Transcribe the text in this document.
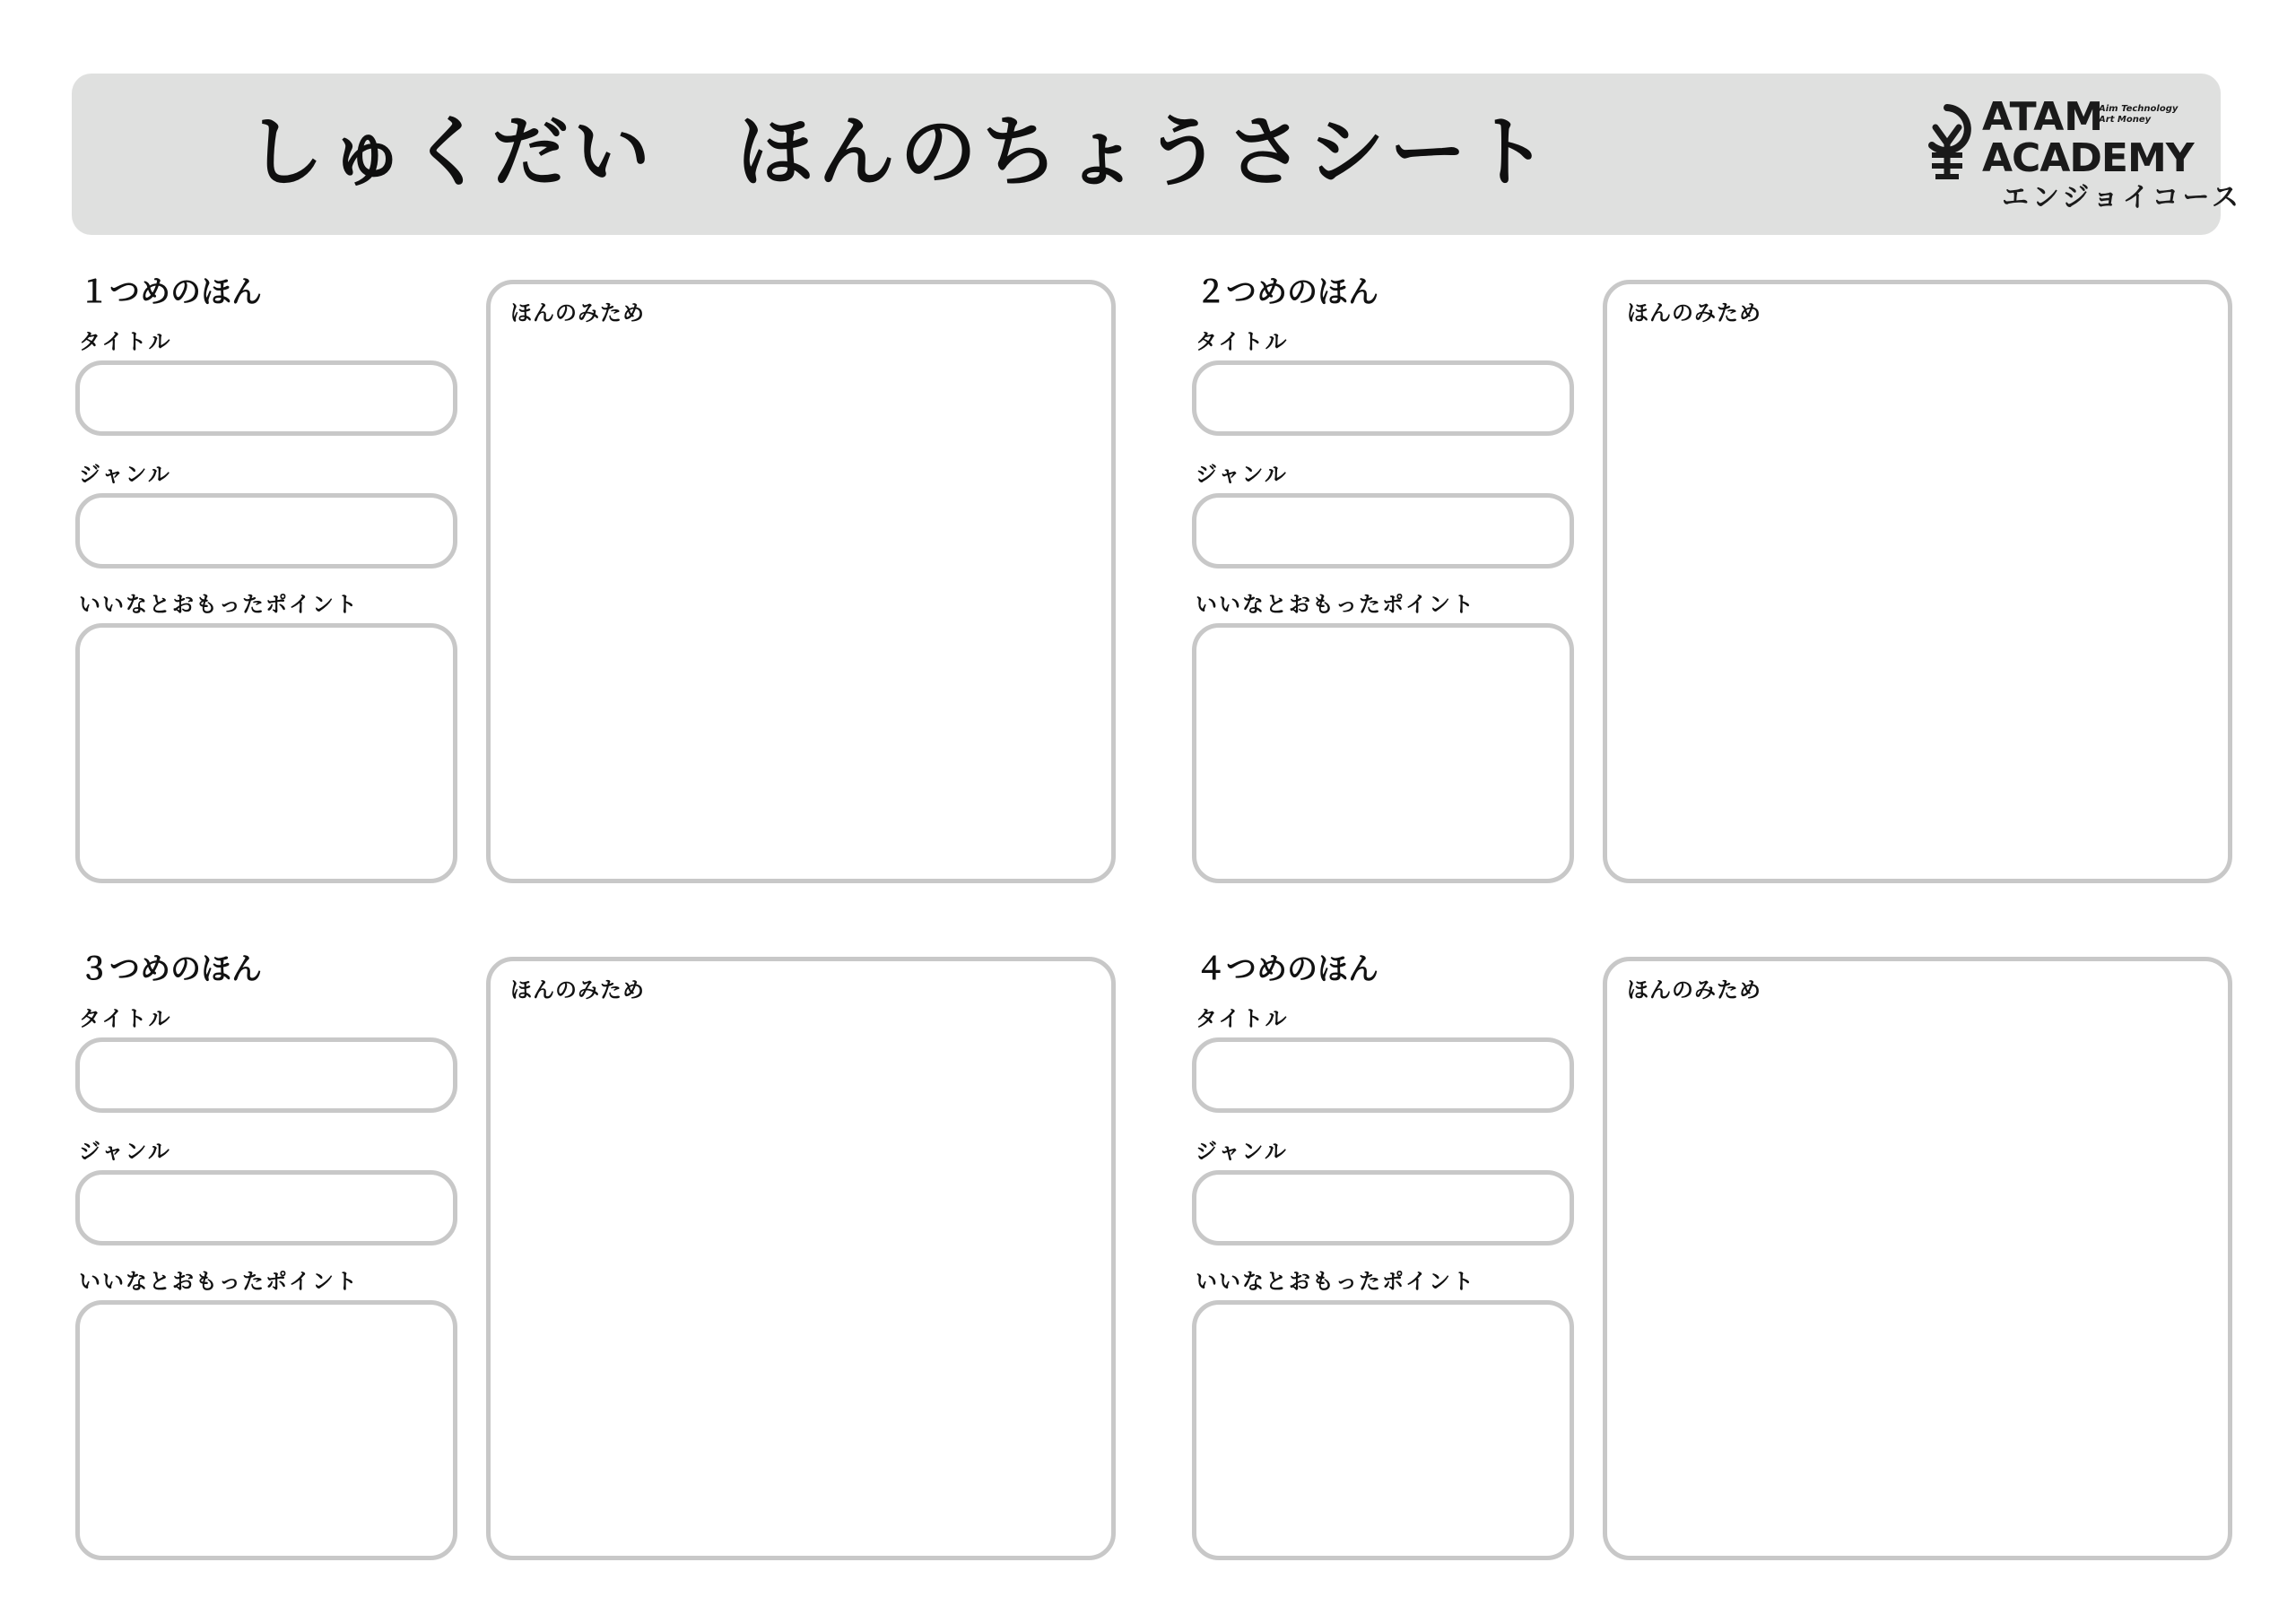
しゅくだい　ほんのちょうさシート	ATAM
Aim Technology
Art Money
ACADEMY
エンジョイコース
１つめのほん
タイトル
ジャンル
いいなとおもったポイント
ほんのみため
２つめのほん
タイトル
ジャンル
いいなとおもったポイント
ほんのみため
３つめのほん
タイトル
ジャンル
いいなとおもったポイント
ほんのみため
４つめのほん
タイトル
ジャンル
いいなとおもったポイント
ほんのみため
